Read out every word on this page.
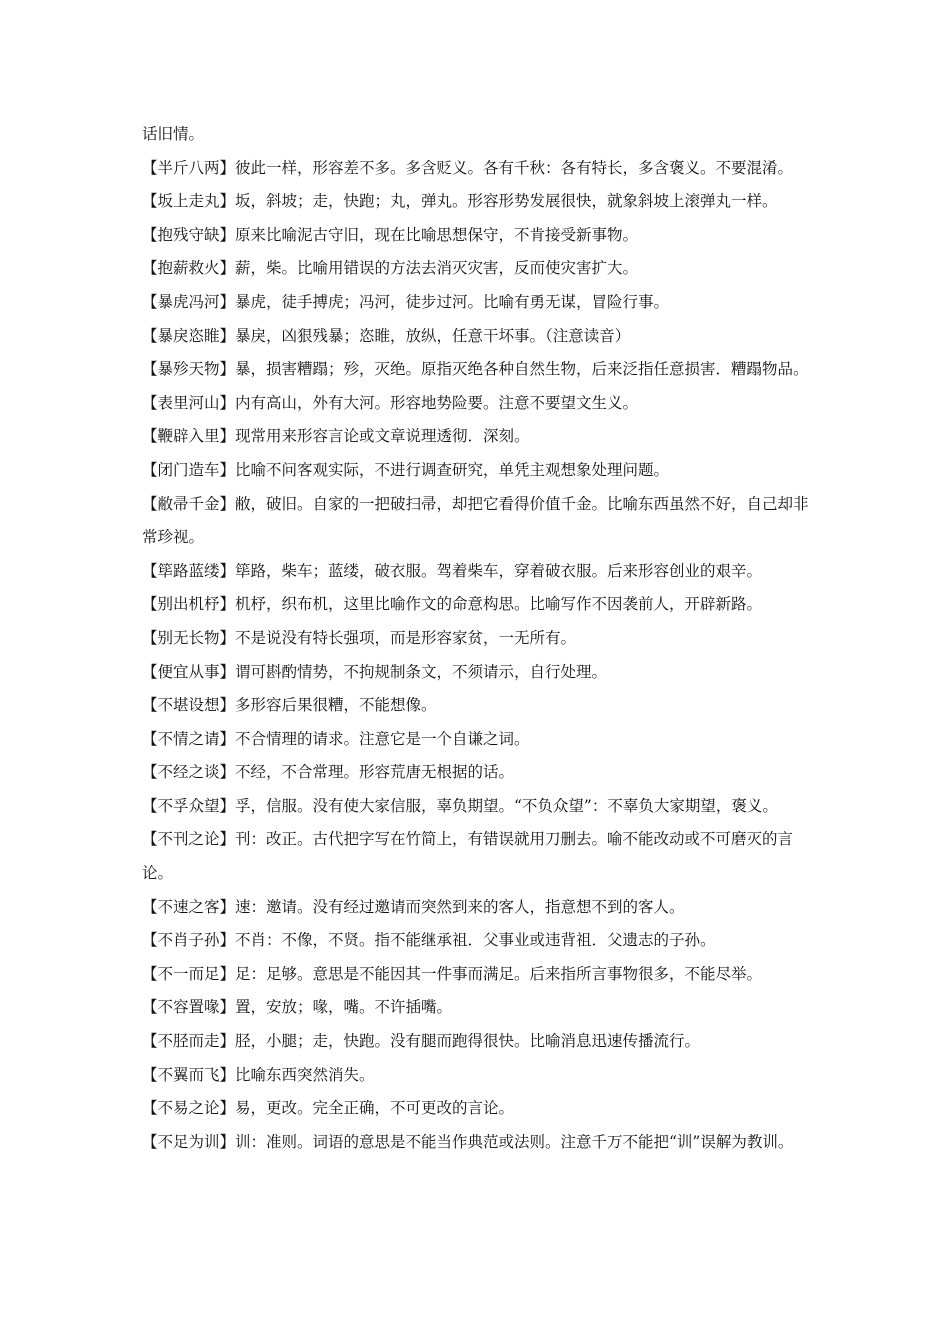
话旧情。

【半斤八两】彼此一样，形容差不多。多含贬义。各有千秋：各有特长，多含褒义。不要混淆。

【坂上走丸】坂，斜坡；走，快跑；丸，弹丸。形容形势发展很快，就象斜坡上滚弹丸一样。

【抱残守缺】原来比喻泥古守旧，现在比喻思想保守，不肯接受新事物。

【抱薪救火】薪，柴。比喻用错误的方法去消灭灾害，反而使灾害扩大。

【暴虎冯河】暴虎，徒手搏虎；冯河，徒步过河。比喻有勇无谋，冒险行事。

【暴戾恣睢】暴戾，凶狠残暴；恣睢，放纵，任意干坏事。（注意读音）

【暴殄天物】暴，损害糟蹋；殄，灭绝。原指灭绝各种自然生物，后来泛指任意损害．糟蹋物品。

【表里河山】内有高山，外有大河。形容地势险要。注意不要望文生义。

【鞭辟入里】现常用来形容言论或文章说理透彻．深刻。

【闭门造车】比喻不问客观实际，不进行调查研究，单凭主观想象处理问题。

【敝帚千金】敝，破旧。自家的一把破扫帚，却把它看得价值千金。比喻东西虽然不好，自己却非常珍视。

【筚路蓝缕】筚路，柴车；蓝缕，破衣服。驾着柴车，穿着破衣服。后来形容创业的艰辛。

【别出机杼】机杼，织布机，这里比喻作文的命意构思。比喻写作不因袭前人，开辟新路。

【别无长物】不是说没有特长强项，而是形容家贫，一无所有。

【便宜从事】谓可斟酌情势，不拘规制条文，不须请示，自行处理。

【不堪设想】多形容后果很糟，不能想像。

【不情之请】不合情理的请求。注意它是一个自谦之词。

【不经之谈】不经，不合常理。形容荒唐无根据的话。

【不孚众望】孚，信服。没有使大家信服，辜负期望。“不负众望”：不辜负大家期望，褒义。

【不刊之论】刊：改正。古代把字写在竹简上，有错误就用刀删去。喻不能改动或不可磨灭的言论。

【不速之客】速：邀请。没有经过邀请而突然到来的客人，指意想不到的客人。

【不肖子孙】不肖：不像，不贤。指不能继承祖．父事业或违背祖．父遗志的子孙。

【不一而足】足：足够。意思是不能因其一件事而满足。后来指所言事物很多，不能尽举。

【不容置喙】置，安放；喙，嘴。不许插嘴。

【不胫而走】胫，小腿；走，快跑。没有腿而跑得很快。比喻消息迅速传播流行。

【不翼而飞】比喻东西突然消失。

【不易之论】易，更改。完全正确，不可更改的言论。

【不足为训】训：准则。词语的意思是不能当作典范或法则。注意千万不能把“训”误解为教训。
